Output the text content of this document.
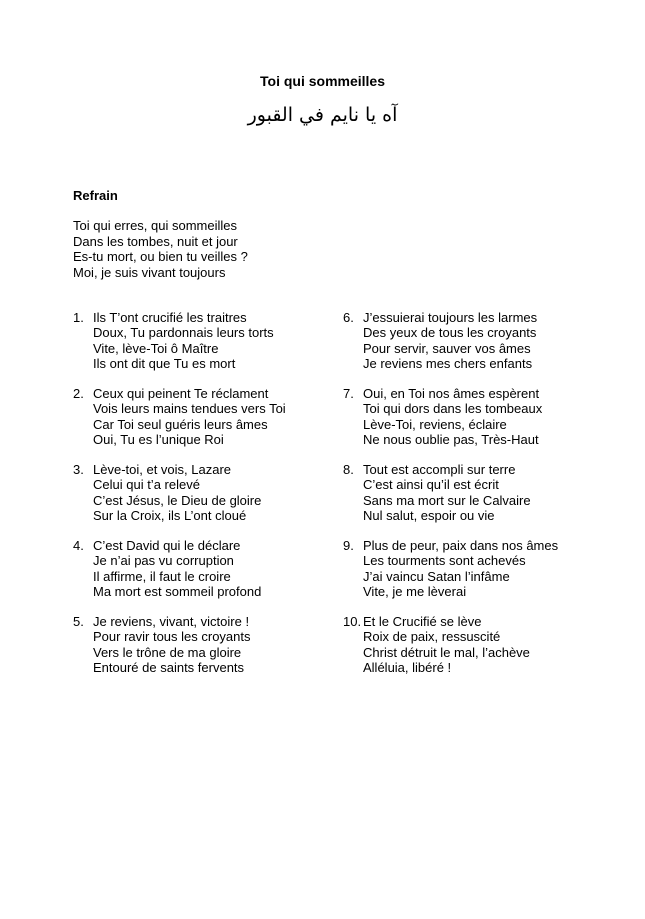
Toi qui sommeilles
آه يا نايم في القبور
Refrain
Toi qui erres, qui sommeilles
Dans les tombes, nuit et jour
Es-tu mort, ou bien tu veilles ?
Moi, je suis vivant toujours
1. Ils T’ont crucifié les traitres
Doux, Tu pardonnais leurs torts
Vite, lève-Toi ô Maître
Ils ont dit que Tu es mort
2. Ceux qui peinent Te réclament
Vois leurs mains tendues vers Toi
Car Toi seul guéris leurs âmes
Oui, Tu es l’unique Roi
3. Lève-toi, et vois, Lazare
Celui qui t’a relevé
C’est Jésus, le Dieu de gloire
Sur la Croix, ils L’ont cloué
4. C’est David qui le déclare
Je n’ai pas vu corruption
Il affirme, il faut le croire
Ma mort est sommeil profond
5. Je reviens, vivant, victoire !
Pour ravir tous les croyants
Vers le trône de ma gloire
Entouré de saints fervents
6. J’essuierai toujours les larmes
Des yeux de tous les croyants
Pour servir, sauver vos âmes
Je reviens mes chers enfants
7. Oui, en Toi nos âmes espèrent
Toi qui dors dans les tombeaux
Lève-Toi, reviens, éclaire
Ne nous oublie pas, Très-Haut
8. Tout est accompli sur terre
C’est ainsi qu’il est écrit
Sans ma mort sur le Calvaire
Nul salut, espoir ou vie
9. Plus de peur, paix dans nos âmes
Les tourments sont achevés
J’ai vaincu Satan l’infâme
Vite, je me lèverai
10. Et le Crucifié se lève
Roix de paix, ressuscité
Christ détruit le mal, l’achève
Alléluia, libéré !
